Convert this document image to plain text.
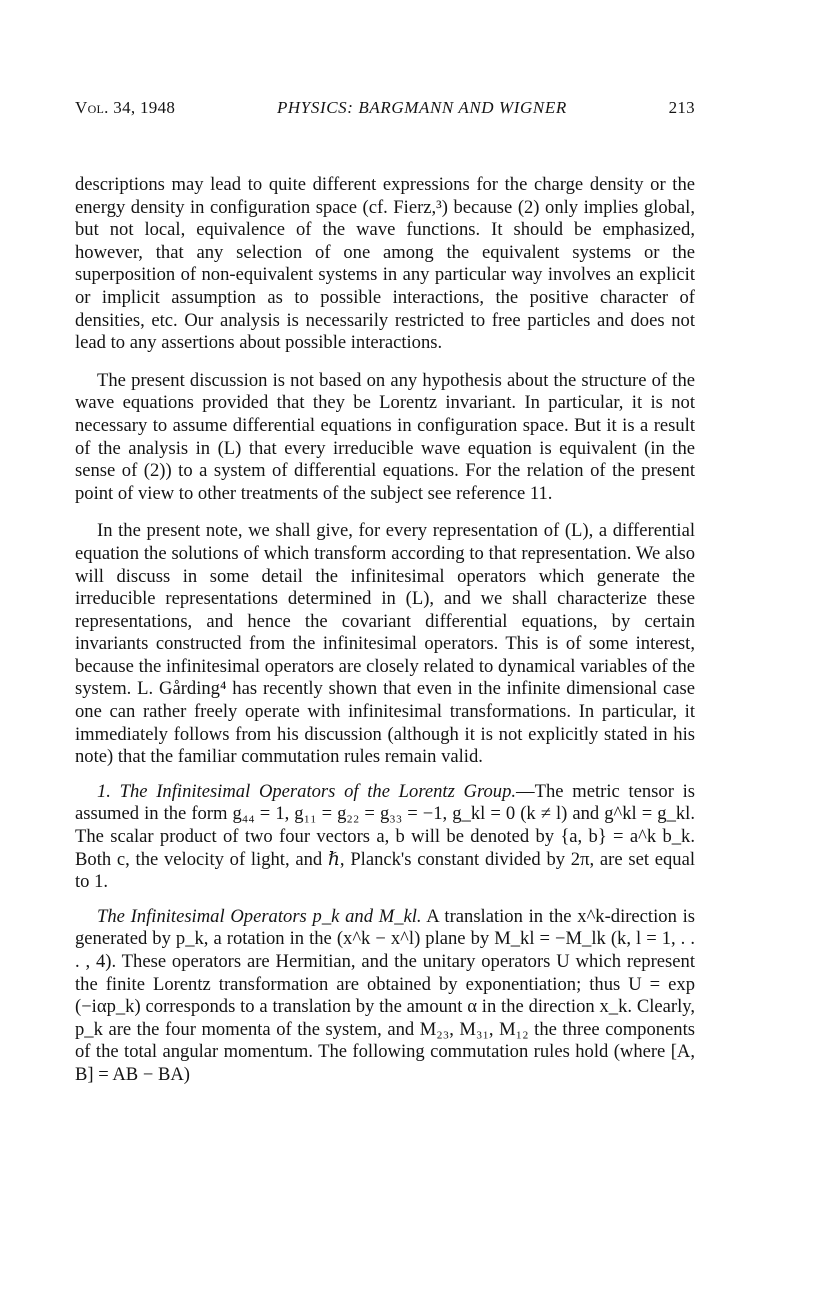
Vol. 34, 1948	PHYSICS: BARGMANN AND WIGNER	213

descriptions may lead to quite different expressions for the charge density or the energy density in configuration space (cf. Fierz,³) because (2) only implies global, but not local, equivalence of the wave functions. It should be emphasized, however, that any selection of one among the equivalent systems or the superposition of non-equivalent systems in any particular way involves an explicit or implicit assumption as to possible interactions, the positive character of densities, etc. Our analysis is necessarily restricted to free particles and does not lead to any assertions about possible interactions.

The present discussion is not based on any hypothesis about the structure of the wave equations provided that they be Lorentz invariant. In particular, it is not necessary to assume differential equations in configuration space. But it is a result of the analysis in (L) that every irreducible wave equation is equivalent (in the sense of (2)) to a system of differential equations. For the relation of the present point of view to other treatments of the subject see reference 11.

In the present note, we shall give, for every representation of (L), a differential equation the solutions of which transform according to that representation. We also will discuss in some detail the infinitesimal operators which generate the irreducible representations determined in (L), and we shall characterize these representations, and hence the covariant differential equations, by certain invariants constructed from the infinitesimal operators. This is of some interest, because the infinitesimal operators are closely related to dynamical variables of the system. L. Gårding⁴ has recently shown that even in the infinite dimensional case one can rather freely operate with infinitesimal transformations. In particular, it immediately follows from his discussion (although it is not explicitly stated in his note) that the familiar commutation rules remain valid.

1. The Infinitesimal Operators of the Lorentz Group.—The metric tensor is assumed in the form g₄₄ = 1, g₁₁ = g₂₂ = g₃₃ = −1, g_kl = 0 (k ≠ l) and g^kl = g_kl. The scalar product of two four vectors a, b will be denoted by {a, b} = a^k b_k. Both c, the velocity of light, and ℏ, Planck's constant divided by 2π, are set equal to 1.

The Infinitesimal Operators p_k and M_kl. A translation in the x^k-direction is generated by p_k, a rotation in the (x^k − x^l) plane by M_kl = −M_lk (k, l = 1, . . . , 4). These operators are Hermitian, and the unitary operators U which represent the finite Lorentz transformation are obtained by exponentiation; thus U = exp (−iαp_k) corresponds to a translation by the amount α in the direction x_k. Clearly, p_k are the four momenta of the system, and M₂₃, M₃₁, M₁₂ the three components of the total angular momentum. The following commutation rules hold (where [A, B] = AB − BA)
